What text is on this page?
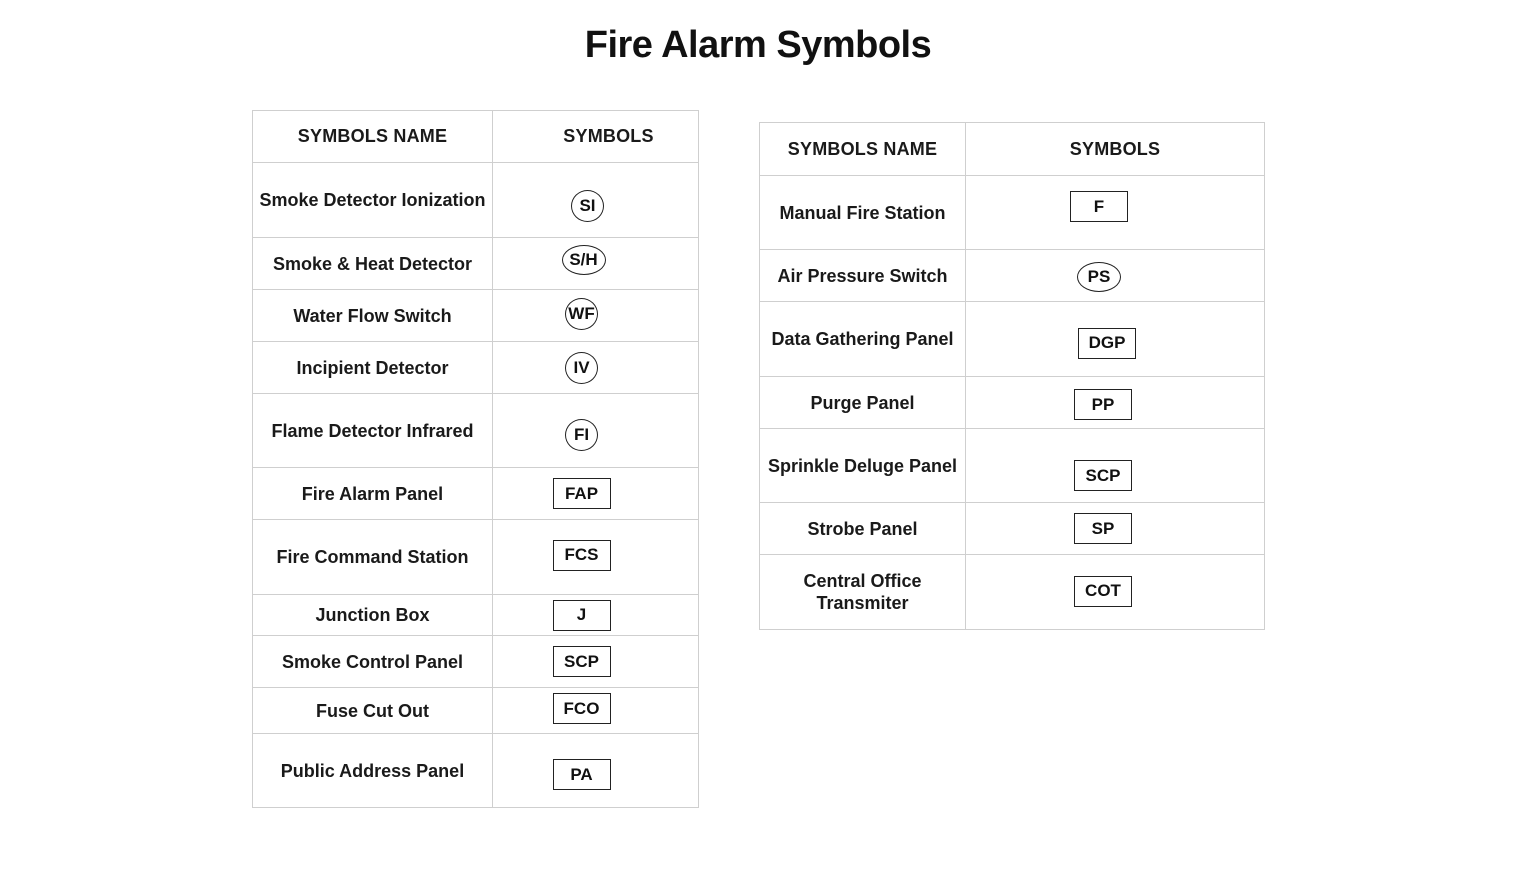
Fire Alarm Symbols
SYMBOLS NAME	SYMBOLS
Smoke Detector Ionization	SI
Smoke & Heat Detector	S/H
Water Flow Switch	WF
Incipient Detector	IV
Flame Detector Infrared	FI
Fire Alarm Panel	FAP
Fire Command Station	FCS
Junction Box	J
Smoke Control Panel	SCP
Fuse Cut Out	FCO
Public Address Panel	PA
SYMBOLS NAME	SYMBOLS
Manual Fire Station	F
Air Pressure Switch	PS
Data Gathering Panel	DGP
Purge Panel	PP
Sprinkle Deluge Panel	SCP
Strobe Panel	SP
Central Office Transmiter	COT
